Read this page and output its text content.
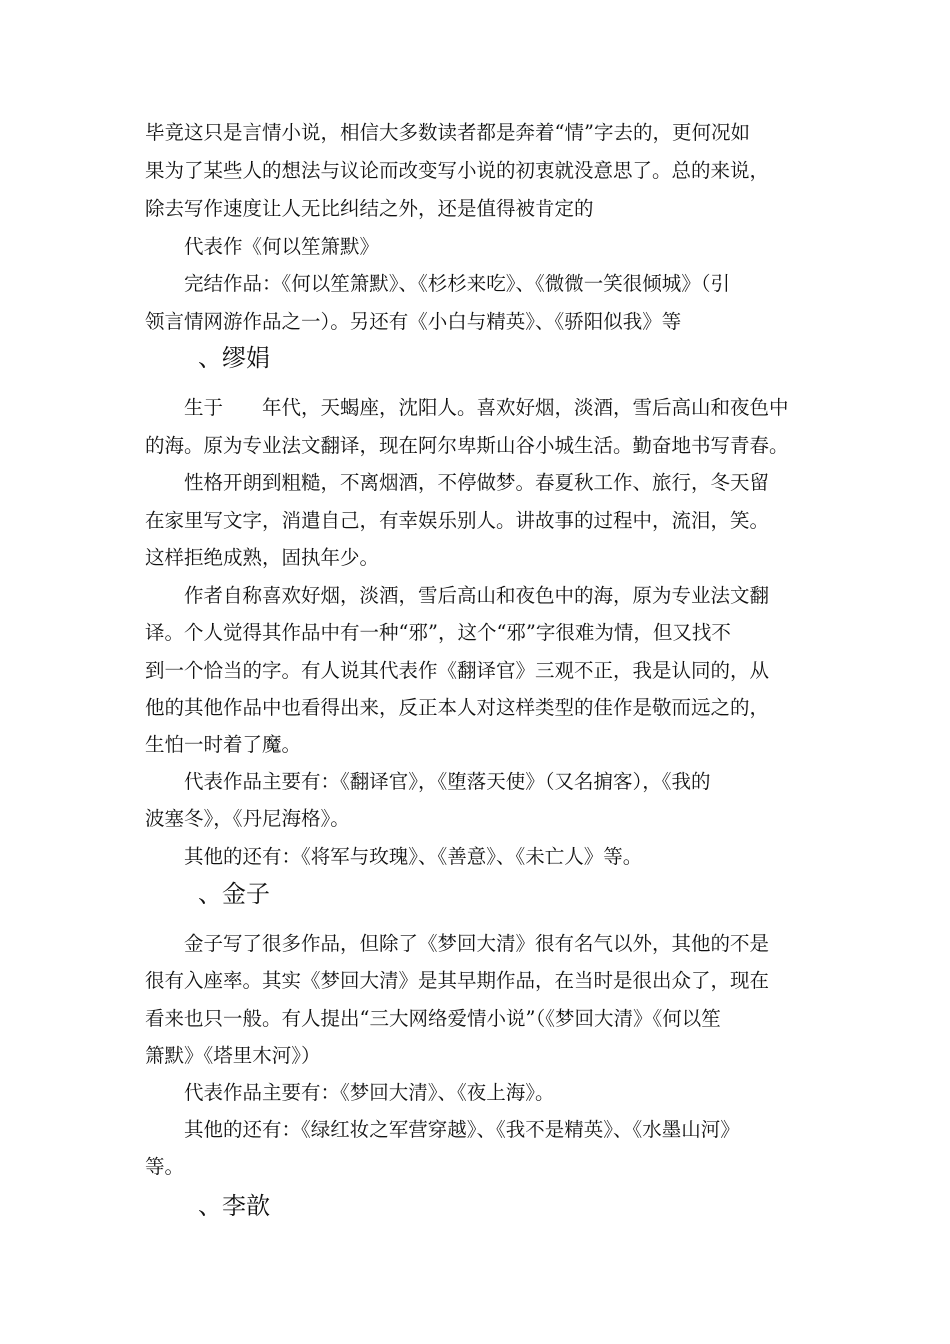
毕竟这只是言情小说，相信大多数读者都是奔着“情”字去的，更何况如
果为了某些人的想法与议论而改变写小说的初衷就没意思了。总的来说，
除去写作速度让人无比纠结之外，还是值得被肯定的
代表作《何以笙箫默》
完结作品：《何以笙箫默》、《杉杉来吃》、《微微一笑很倾城》（引
领言情网游作品之一）。另还有《小白与精英》、《骄阳似我》等
、缪娟
生于　　年代，天蝎座，沈阳人。喜欢好烟，淡酒，雪后高山和夜色中
的海。原为专业法文翻译，现在阿尔卑斯山谷小城生活。勤奋地书写青春。
性格开朗到粗糙，不离烟酒，不停做梦。春夏秋工作、旅行，冬天留
在家里写文字，消遣自己，有幸娱乐别人。讲故事的过程中，流泪，笑。
这样拒绝成熟，固执年少。
作者自称喜欢好烟，淡酒，雪后高山和夜色中的海，原为专业法文翻
译。个人觉得其作品中有一种“邪”，这个“邪”字很难为情，但又找不
到一个恰当的字。有人说其代表作《翻译官》三观不正，我是认同的，从
他的其他作品中也看得出来，反正本人对这样类型的佳作是敬而远之的，
生怕一时着了魔。
代表作品主要有：《翻译官》，《堕落天使》（又名掮客），《我的
波塞冬》，《丹尼海格》。
其他的还有：《将军与玫瑰》、《善意》、《未亡人》等。
、金子
金子写了很多作品，但除了《梦回大清》很有名气以外，其他的不是
很有入座率。其实《梦回大清》是其早期作品，在当时是很出众了，现在
看来也只一般。有人提出“三大网络爱情小说”（《梦回大清》《何以笙
箫默》《塔里木河》）
代表作品主要有：《梦回大清》、《夜上海》。
其他的还有：《绿红妆之军营穿越》、《我不是精英》、《水墨山河》
等。
、李歆
